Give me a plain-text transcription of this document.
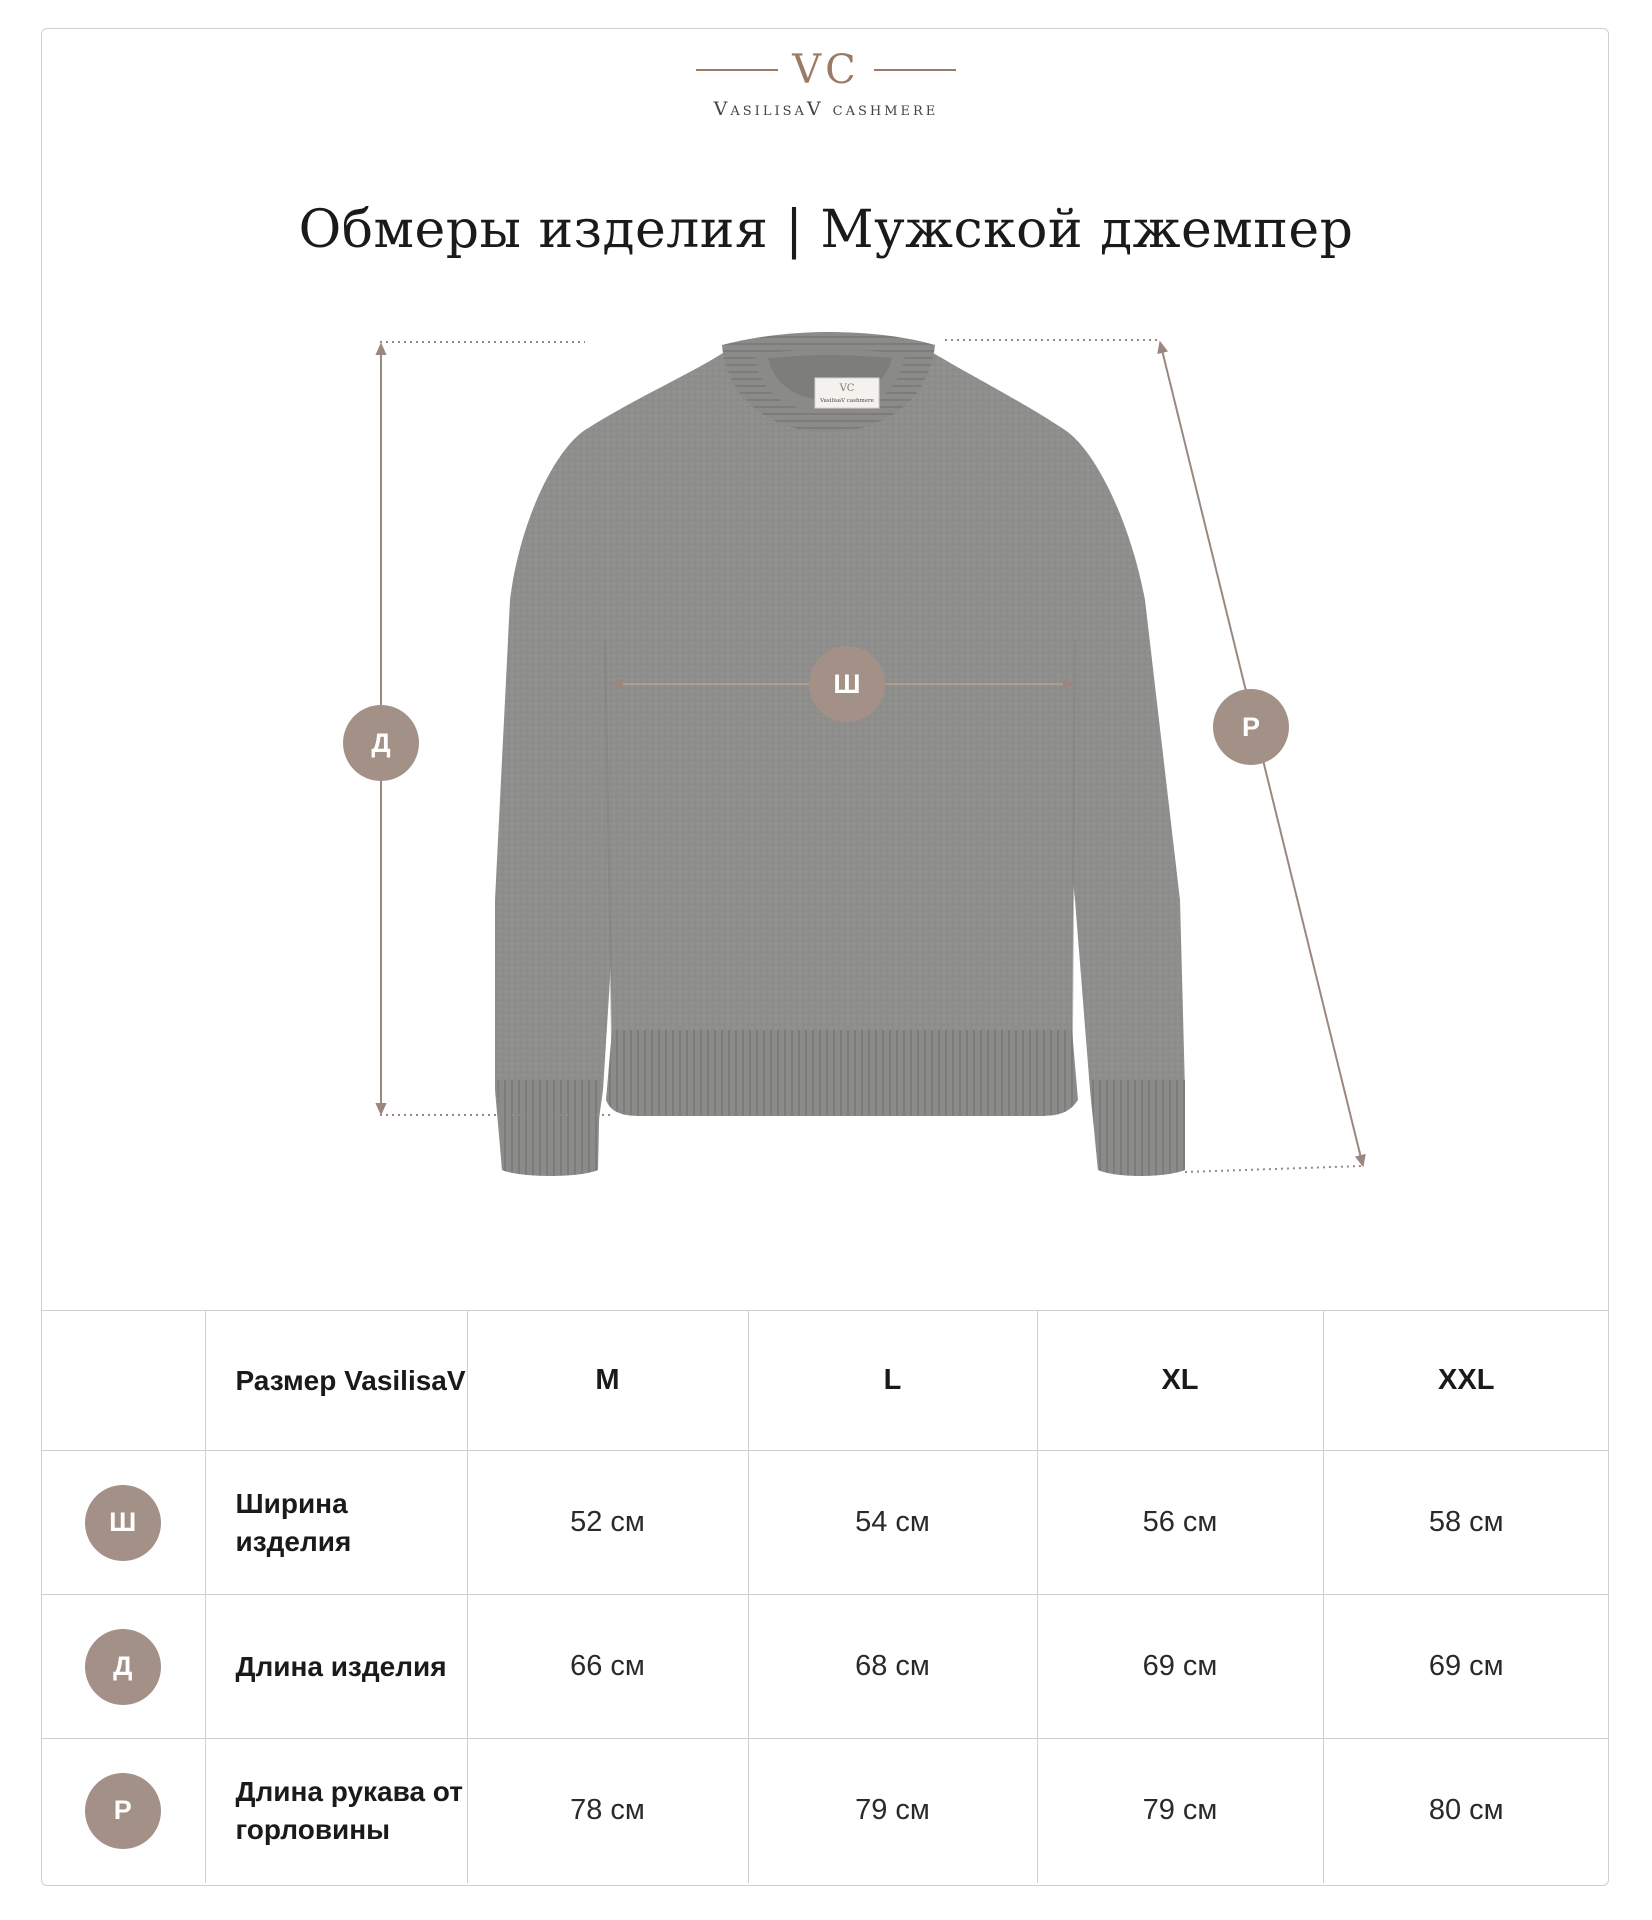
VC
VasilisaV cashmere
Обмеры изделия | Мужской джемпер
VC
VasilisaV cashmere
Д
Ш
Р
	Размер VasilisaV	M	L	XL	XXL

Ш	Ширина изделия	52 см	54 см	56 см	58 см

Д	Длина изделия	66 см	68 см	69 см	69 см

Р	Длина рукава от горловины	78 см	79 см	79 см	80 см
